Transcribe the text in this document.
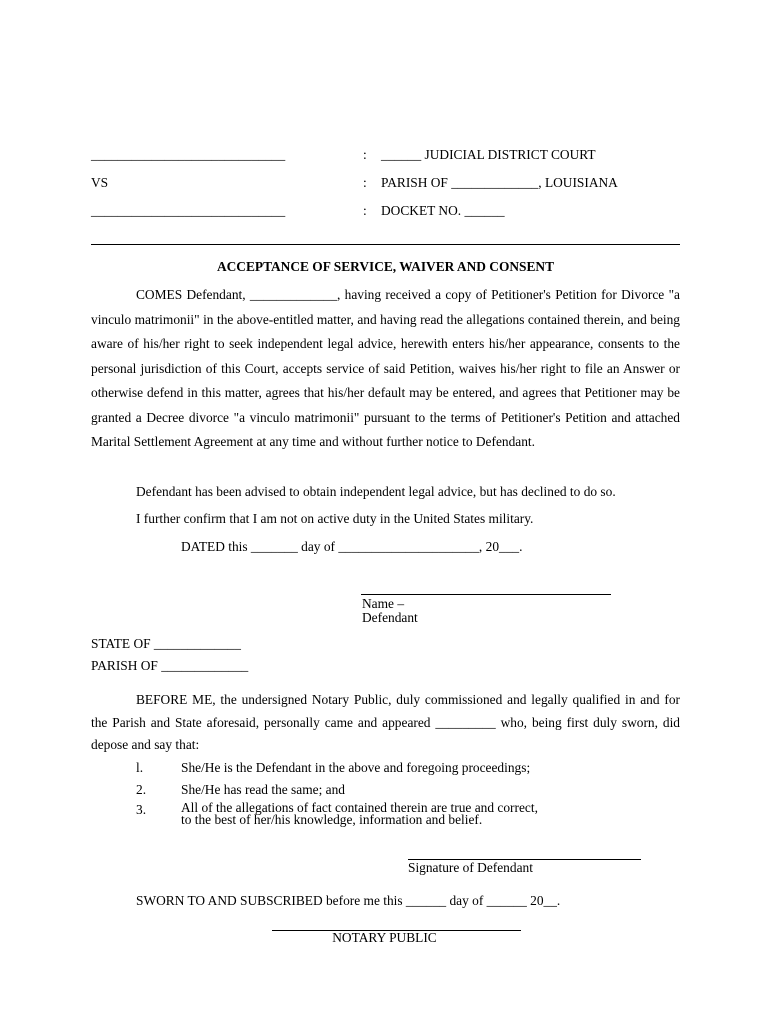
_____________________________	: ______ JUDICIAL DISTRICT COURT
VS	: PARISH OF _____________, LOUISIANA
_____________________________	: DOCKET NO. ______
ACCEPTANCE OF SERVICE, WAIVER AND CONSENT
COMES Defendant, _____________, having received a copy of Petitioner's Petition for Divorce "a vinculo matrimonii" in the above-entitled matter, and having read the allegations contained therein, and being aware of his/her right to seek independent legal advice, herewith enters his/her appearance, consents to the personal jurisdiction of this Court, accepts service of said Petition, waives his/her right to file an Answer or otherwise defend in this matter, agrees that his/her default may be entered, and agrees that Petitioner may be granted a Decree divorce "a vinculo matrimonii" pursuant to the terms of Petitioner's Petition and attached Marital Settlement Agreement at any time and without further notice to Defendant.
Defendant has been advised to obtain independent legal advice, but has declined to do so.
I further confirm that I am not on active duty in the United States military.
DATED this _______ day of _____________________, 20___.
Name –
Defendant
STATE OF _____________
PARISH OF _____________
BEFORE ME, the undersigned Notary Public, duly commissioned and legally qualified in and for the Parish and State aforesaid, personally came and appeared _________ who, being first duly sworn, did depose and say that:
l.	She/He is the Defendant in the above and foregoing proceedings;
2.	She/He has read the same; and
3.	All of the allegations of fact contained therein are true and correct,
to the best of her/his knowledge, information and belief.
Signature of Defendant
SWORN TO AND SUBSCRIBED before me this ______ day of ______ 20__.
NOTARY PUBLIC
